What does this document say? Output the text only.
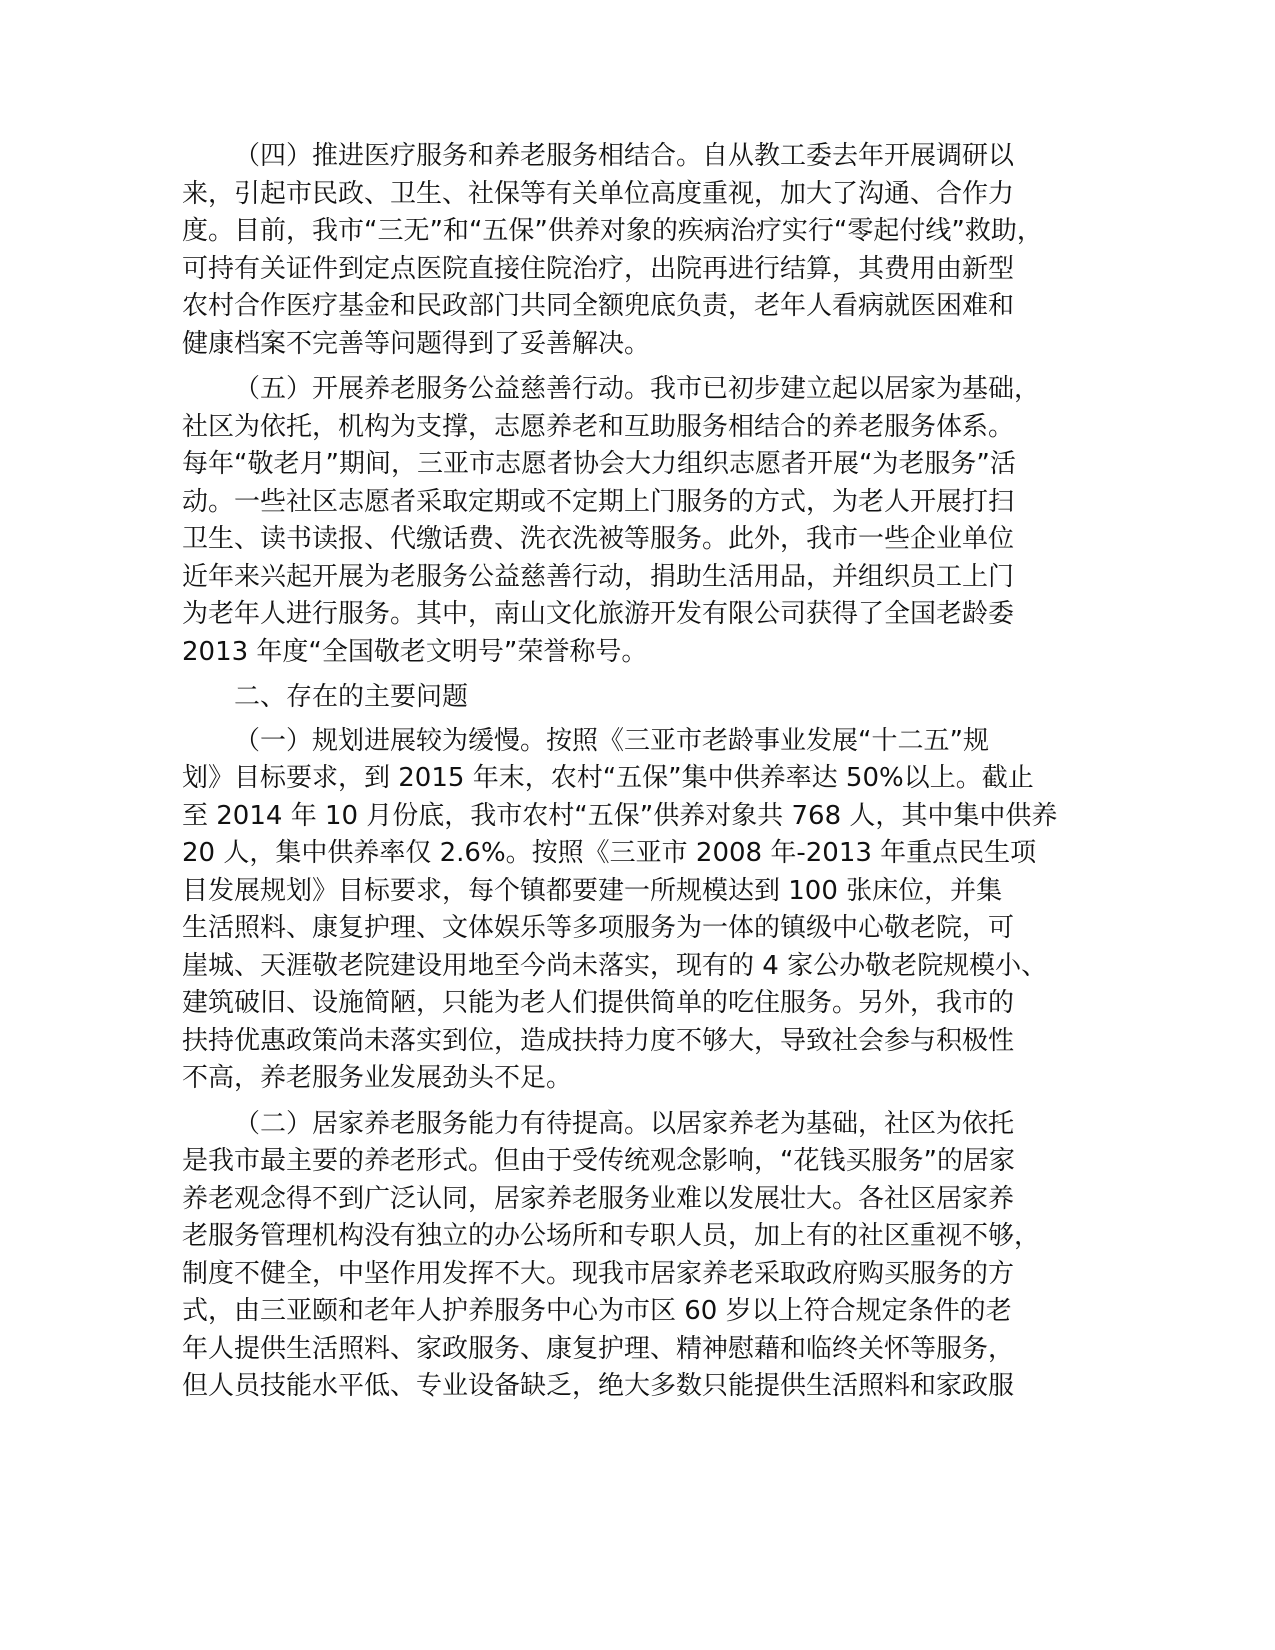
（四）推进医疗服务和养老服务相结合。自从教工委去年开展调研以
来，引起市民政、卫生、社保等有关单位高度重视，加大了沟通、合作力
度。目前，我市“三无”和“五保”供养对象的疾病治疗实行“零起付线”救助，
可持有关证件到定点医院直接住院治疗，出院再进行结算，其费用由新型
农村合作医疗基金和民政部门共同全额兜底负责，老年人看病就医困难和
健康档案不完善等问题得到了妥善解决。
（五）开展养老服务公益慈善行动。我市已初步建立起以居家为基础，
社区为依托，机构为支撑，志愿养老和互助服务相结合的养老服务体系。
每年“敬老月”期间，三亚市志愿者协会大力组织志愿者开展“为老服务”活
动。一些社区志愿者采取定期或不定期上门服务的方式，为老人开展打扫
卫生、读书读报、代缴话费、洗衣洗被等服务。此外，我市一些企业单位
近年来兴起开展为老服务公益慈善行动，捐助生活用品，并组织员工上门
为老年人进行服务。其中，南山文化旅游开发有限公司获得了全国老龄委
2013 年度“全国敬老文明号”荣誉称号。
二、存在的主要问题
（一）规划进展较为缓慢。按照《三亚市老龄事业发展“十二五”规
划》目标要求，到 2015 年末，农村“五保”集中供养率达 50%以上。截止
至 2014 年 10 月份底，我市农村“五保”供养对象共 768 人，其中集中供养
20 人，集中供养率仅 2.6%。按照《三亚市 2008 年-2013 年重点民生项
目发展规划》目标要求，每个镇都要建一所规模达到 100 张床位，并集
生活照料、康复护理、文体娱乐等多项服务为一体的镇级中心敬老院，可
崖城、天涯敬老院建设用地至今尚未落实，现有的 4 家公办敬老院规模小、
建筑破旧、设施简陋，只能为老人们提供简单的吃住服务。另外，我市的
扶持优惠政策尚未落实到位，造成扶持力度不够大，导致社会参与积极性
不高，养老服务业发展劲头不足。
（二）居家养老服务能力有待提高。以居家养老为基础，社区为依托
是我市最主要的养老形式。但由于受传统观念影响，“花钱买服务”的居家
养老观念得不到广泛认同，居家养老服务业难以发展壮大。各社区居家养
老服务管理机构没有独立的办公场所和专职人员，加上有的社区重视不够，
制度不健全，中坚作用发挥不大。现我市居家养老采取政府购买服务的方
式，由三亚颐和老年人护养服务中心为市区 60 岁以上符合规定条件的老
年人提供生活照料、家政服务、康复护理、精神慰藉和临终关怀等服务，
但人员技能水平低、专业设备缺乏，绝大多数只能提供生活照料和家政服
